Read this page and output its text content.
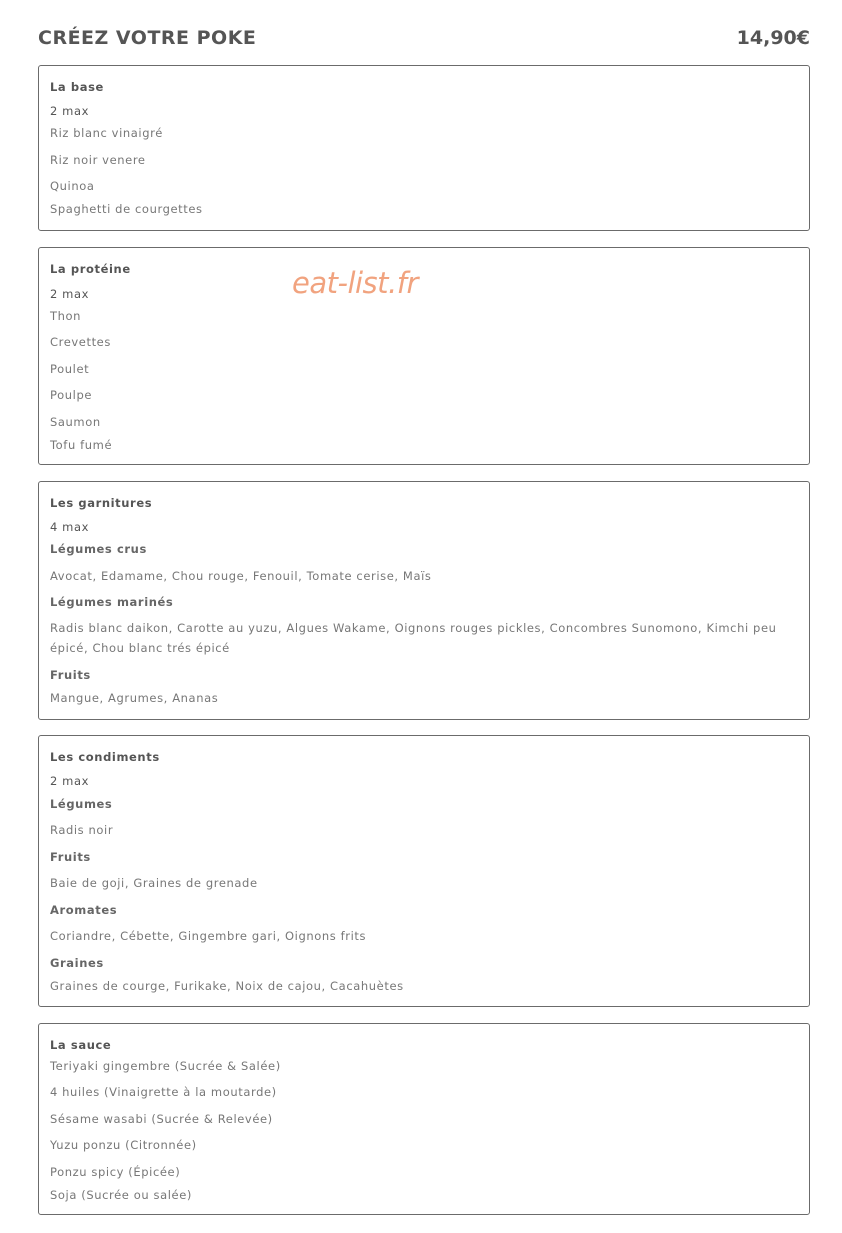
CRÉEZ VOTRE POKE	14,90€
eat-list.fr
La base
2 max
Riz blanc vinaigré
Riz noir venere
Quinoa
Spaghetti de courgettes
La protéine
2 max
Thon
Crevettes
Poulet
Poulpe
Saumon
Tofu fumé
Les garnitures
4 max
Légumes crus
Avocat, Edamame, Chou rouge, Fenouil, Tomate cerise, Maïs
Légumes marinés
Radis blanc daikon, Carotte au yuzu, Algues Wakame, Oignons rouges pickles, Concombres Sunomono, Kimchi peu épicé, Chou blanc trés épicé
Fruits
Mangue, Agrumes, Ananas
Les condiments
2 max
Légumes
Radis noir
Fruits
Baie de goji, Graines de grenade
Aromates
Coriandre, Cébette, Gingembre gari, Oignons frits
Graines
Graines de courge, Furikake, Noix de cajou, Cacahuètes
La sauce
Teriyaki gingembre (Sucrée & Salée)
4 huiles (Vinaigrette à la moutarde)
Sésame wasabi (Sucrée & Relevée)
Yuzu ponzu (Citronnée)
Ponzu spicy (Épicée)
Soja (Sucrée ou salée)
